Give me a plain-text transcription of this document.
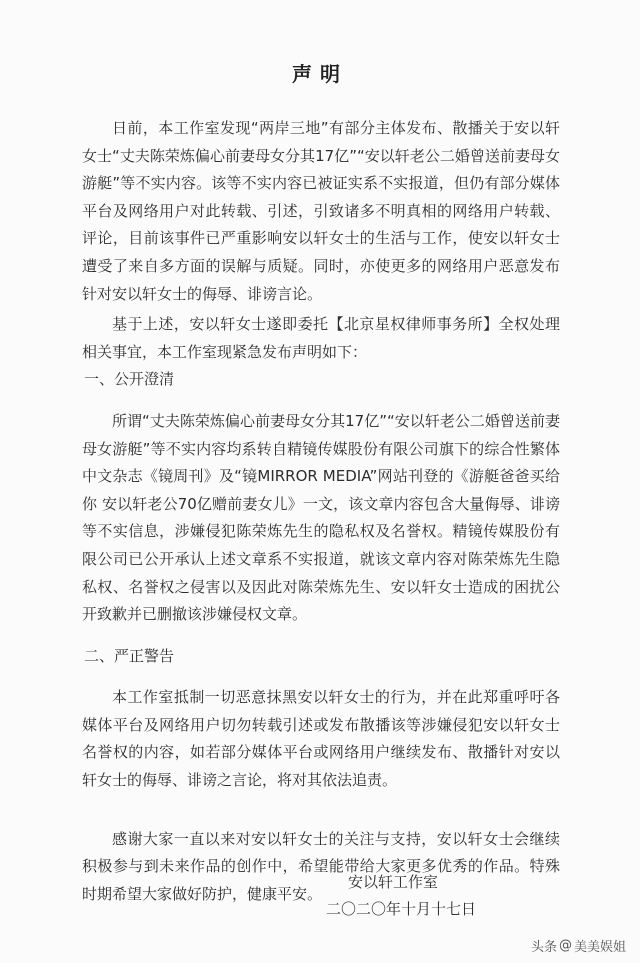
声明

日前，本工作室发现“两岸三地”有部分主体发布、散播关于安以轩女士“丈夫陈荣炼偏心前妻母女分其17亿”“安以轩老公二婚曾送前妻母女游艇”等不实内容。该等不实内容已被证实系不实报道，但仍有部分媒体平台及网络用户对此转载、引述，引致诸多不明真相的网络用户转载、评论，目前该事件已严重影响安以轩女士的生活与工作，使安以轩女士遭受了来自多方面的误解与质疑。同时，亦使更多的网络用户恶意发布针对安以轩女士的侮辱、诽谤言论。

基于上述，安以轩女士遂即委托【北京星权律师事务所】全权处理相关事宜，本工作室现紧急发布声明如下：

一、公开澄清

所谓“丈夫陈荣炼偏心前妻母女分其17亿”“安以轩老公二婚曾送前妻母女游艇”等不实内容均系转自精镜传媒股份有限公司旗下的综合性繁体中文杂志《镜周刊》及“镜MIRROR MEDIA”网站刊登的《游艇爸爸买给你 安以轩老公70亿赠前妻女儿》一文，该文章内容包含大量侮辱、诽谤等不实信息，涉嫌侵犯陈荣炼先生的隐私权及名誉权。精镜传媒股份有限公司已公开承认上述文章系不实报道，就该文章内容对陈荣炼先生隐私权、名誉权之侵害以及因此对陈荣炼先生、安以轩女士造成的困扰公开致歉并已删撤该涉嫌侵权文章。

二、严正警告

本工作室抵制一切恶意抹黑安以轩女士的行为，并在此郑重呼吁各媒体平台及网络用户切勿转载引述或发布散播该等涉嫌侵犯安以轩女士名誉权的内容，如若部分媒体平台或网络用户继续发布、散播针对安以轩女士的侮辱、诽谤之言论，将对其依法追责。

感谢大家一直以来对安以轩女士的关注与支持，安以轩女士会继续积极参与到未来作品的创作中，希望能带给大家更多优秀的作品。特殊时期希望大家做好防护，健康平安。

安以轩工作室
二〇二〇年十月十七日
头条 @ 美美娱姐
